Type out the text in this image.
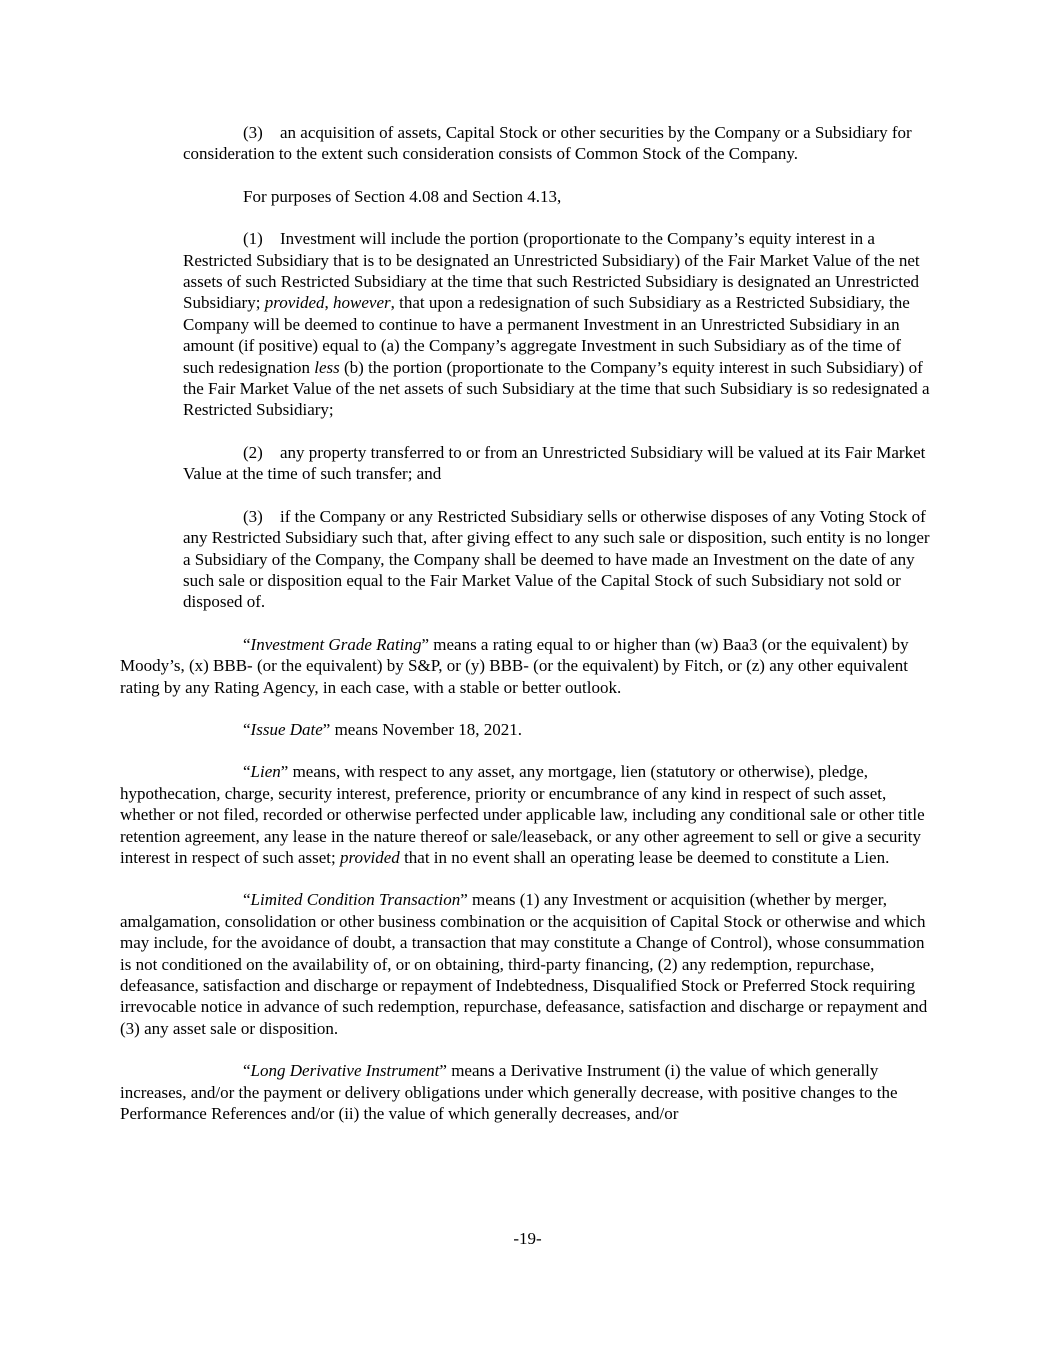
(3) an acquisition of assets, Capital Stock or other securities by the Company or a Subsidiary for consideration to the extent such consideration consists of Common Stock of the Company.

For purposes of Section 4.08 and Section 4.13,

(1) Investment will include the portion (proportionate to the Company’s equity interest in a Restricted Subsidiary that is to be designated an Unrestricted Subsidiary) of the Fair Market Value of the net assets of such Restricted Subsidiary at the time that such Restricted Subsidiary is designated an Unrestricted Subsidiary; provided, however, that upon a redesignation of such Subsidiary as a Restricted Subsidiary, the Company will be deemed to continue to have a permanent Investment in an Unrestricted Subsidiary in an amount (if positive) equal to (a) the Company’s aggregate Investment in such Subsidiary as of the time of such redesignation less (b) the portion (proportionate to the Company’s equity interest in such Subsidiary) of the Fair Market Value of the net assets of such Subsidiary at the time that such Subsidiary is so redesignated a Restricted Subsidiary;

(2) any property transferred to or from an Unrestricted Subsidiary will be valued at its Fair Market Value at the time of such transfer; and

(3) if the Company or any Restricted Subsidiary sells or otherwise disposes of any Voting Stock of any Restricted Subsidiary such that, after giving effect to any such sale or disposition, such entity is no longer a Subsidiary of the Company, the Company shall be deemed to have made an Investment on the date of any such sale or disposition equal to the Fair Market Value of the Capital Stock of such Subsidiary not sold or disposed of.

“Investment Grade Rating” means a rating equal to or higher than (w) Baa3 (or the equivalent) by Moody’s, (x) BBB- (or the equivalent) by S&P, or (y) BBB- (or the equivalent) by Fitch, or (z) any other equivalent rating by any Rating Agency, in each case, with a stable or better outlook.

“Issue Date” means November 18, 2021.

“Lien” means, with respect to any asset, any mortgage, lien (statutory or otherwise), pledge, hypothecation, charge, security interest, preference, priority or encumbrance of any kind in respect of such asset, whether or not filed, recorded or otherwise perfected under applicable law, including any conditional sale or other title retention agreement, any lease in the nature thereof or sale/leaseback, or any other agreement to sell or give a security interest in respect of such asset; provided that in no event shall an operating lease be deemed to constitute a Lien.

“Limited Condition Transaction” means (1) any Investment or acquisition (whether by merger, amalgamation, consolidation or other business combination or the acquisition of Capital Stock or otherwise and which may include, for the avoidance of doubt, a transaction that may constitute a Change of Control), whose consummation is not conditioned on the availability of, or on obtaining, third-party financing, (2) any redemption, repurchase, defeasance, satisfaction and discharge or repayment of Indebtedness, Disqualified Stock or Preferred Stock requiring irrevocable notice in advance of such redemption, repurchase, defeasance, satisfaction and discharge or repayment and (3) any asset sale or disposition.

“Long Derivative Instrument” means a Derivative Instrument (i) the value of which generally increases, and/or the payment or delivery obligations under which generally decrease, with positive changes to the Performance References and/or (ii) the value of which generally decreases, and/or

-19-
